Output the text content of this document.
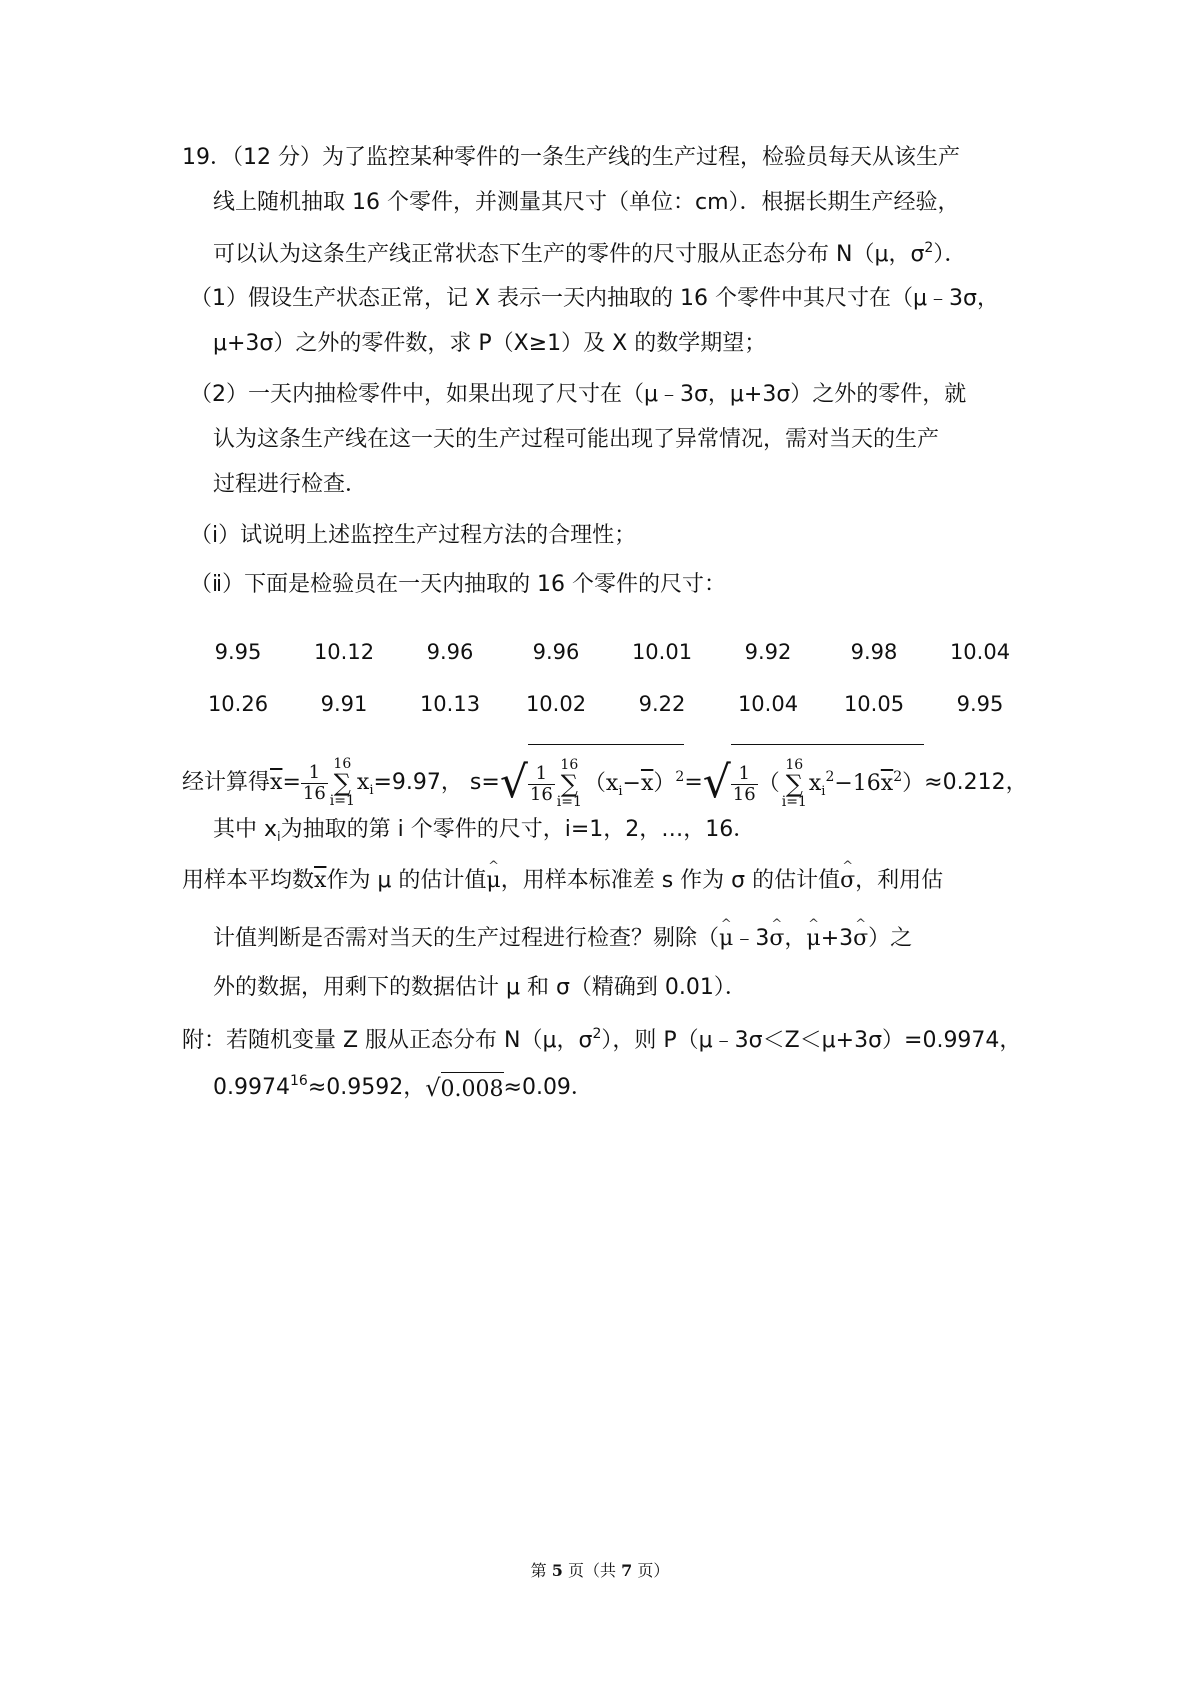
19．（12 分）为了监控某种零件的一条生产线的生产过程，检验员每天从该生产
线上随机抽取 16 个零件，并测量其尺寸（单位：cm）．根据长期生产经验，
可以认为这条生产线正常状态下生产的零件的尺寸服从正态分布 N（μ，$\sigma^2$）．
（1）假设生产状态正常，记 X 表示一天内抽取的 16 个零件中其尺寸在（μ﹣3σ，
μ+3σ）之外的零件数，求 P（X≥1）及 X 的数学期望；
（2）一天内抽检零件中，如果出现了尺寸在（μ﹣3σ，μ+3σ）之外的零件，就
认为这条生产线在这一天的生产过程可能出现了异常情况，需对当天的生产
过程进行检查．
（ⅰ）试说明上述监控生产过程方法的合理性；
（ⅱ）下面是检验员在一天内抽取的 16 个零件的尺寸：
9.95	10.12	9.96	9.96	10.01	9.92	9.98	10.04
10.26	9.91	10.13	10.02	9.22	10.04	10.05	9.95
经计算得$\overline{x}= \frac{1}{16} 16$
∑
$i=1x_i=9.97$， $s=√ \frac{1}{16} 16$
∑
$i=1(x_i-\overline{x})^2=√ \frac{1}{16} (16$
∑
$i=1x_i^2-16\overline{x}^2)\approx 0.212$，
其中 $x_i$为抽取的第 i 个零件的尺寸，i=1，2，…，16．
用样本平均数$\overline{x}$作为 μ 的估计值^ μ，用样本标准差 s 作为 σ 的估计值^ σ，利用估
计值判断是否需对当天的生产过程进行检查？剔除（^ μ﹣3^ σ，^ μ+3^ σ）之
外的数据，用剩下的数据估计 μ 和 σ（精确到 0.01）．
附：若随机变量 Z 服从正态分布 N（μ，$\sigma^2$），则 P（μ﹣3σ＜Z＜μ+3σ）=0.9974，
$0.9974^{16}\approx 0.9592$，√0.008≈0.09．
第 5 页（共 7 页）
